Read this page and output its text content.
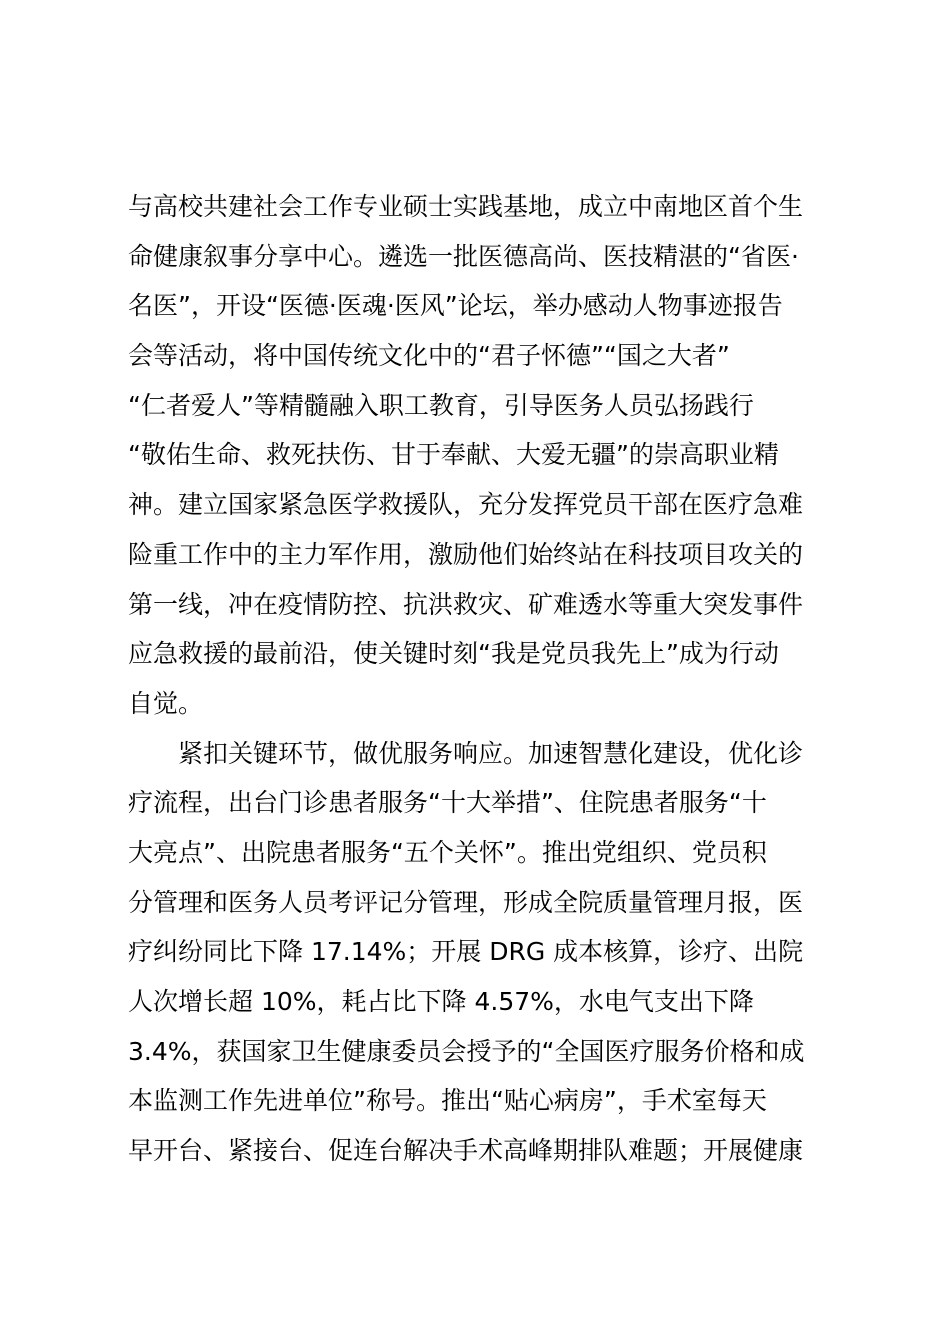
与高校共建社会工作专业硕士实践基地，成立中南地区首个生
命健康叙事分享中心。遴选一批医德高尚、医技精湛的“省医·
名医”，开设“医德·医魂·医风”论坛，举办感动人物事迹报告
会等活动，将中国传统文化中的“君子怀德”“国之大者”
“仁者爱人”等精髓融入职工教育，引导医务人员弘扬践行
“敬佑生命、救死扶伤、甘于奉献、大爱无疆”的崇高职业精
神。建立国家紧急医学救援队，充分发挥党员干部在医疗急难
险重工作中的主力军作用，激励他们始终站在科技项目攻关的
第一线，冲在疫情防控、抗洪救灾、矿难透水等重大突发事件
应急救援的最前沿，使关键时刻“我是党员我先上”成为行动
自觉。
紧扣关键环节，做优服务响应。加速智慧化建设，优化诊
疗流程，出台门诊患者服务“十大举措”、住院患者服务“十
大亮点”、出院患者服务“五个关怀”。推出党组织、党员积
分管理和医务人员考评记分管理，形成全院质量管理月报，医
疗纠纷同比下降 17.14%；开展 DRG 成本核算，诊疗、出院
人次增长超 10%，耗占比下降 4.57%，水电气支出下降
3.4%，获国家卫生健康委员会授予的“全国医疗服务价格和成
本监测工作先进单位”称号。推出“贴心病房”，手术室每天
早开台、紧接台、促连台解决手术高峰期排队难题；开展健康
